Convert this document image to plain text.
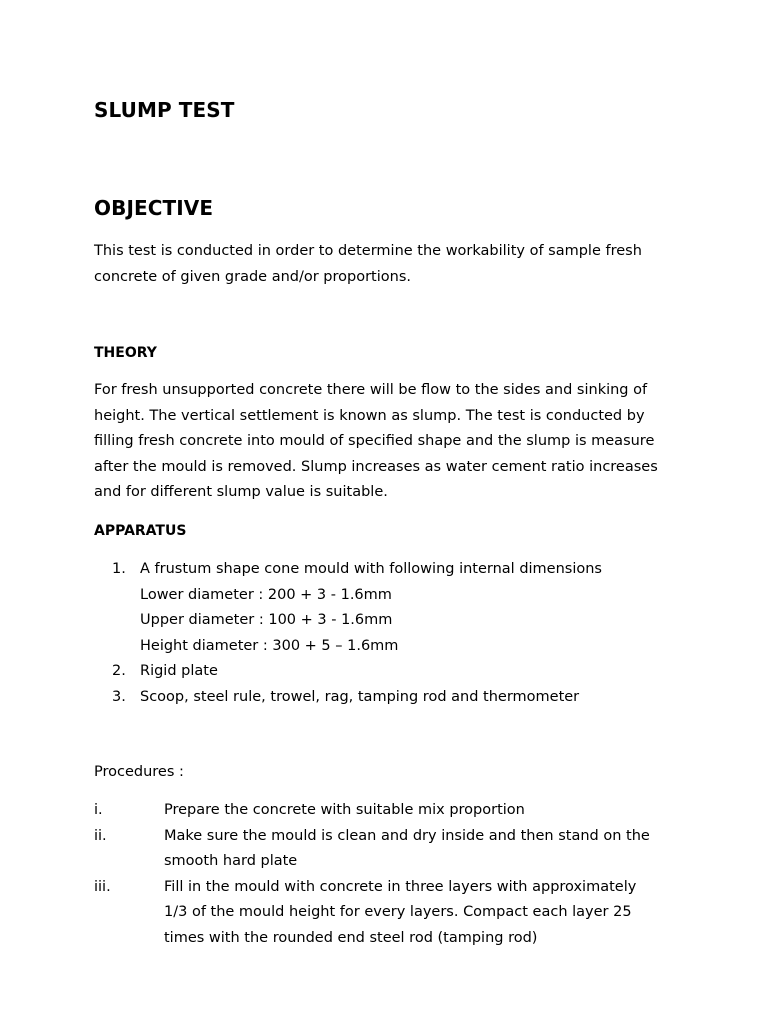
SLUMP TEST
OBJECTIVE
This test is conducted in order to determine the workability of sample fresh
concrete of given grade and/or proportions.
THEORY
For fresh unsupported concrete there will be flow to the sides and sinking of
height. The vertical settlement is known as slump. The test is conducted by
filling fresh concrete into mould of specified shape and the slump is measure
after the mould is removed. Slump increases as water cement ratio increases
and for different slump value is suitable.
APPARATUS
1. A frustum shape cone mould with following internal dimensions
Lower diameter : 200 + 3 - 1.6mm
Upper diameter : 100 + 3 - 1.6mm
Height diameter : 300 + 5 – 1.6mm
2. Rigid plate
3. Scoop, steel rule, trowel, rag, tamping rod and thermometer
Procedures :
i.	Prepare the concrete with suitable mix proportion
ii.	Make sure the mould is clean and dry inside and then stand on the
smooth hard plate
iii.	Fill in the mould with concrete in three layers with approximately
1/3 of the mould height for every layers. Compact each layer 25
times with the rounded end steel rod (tamping rod)
